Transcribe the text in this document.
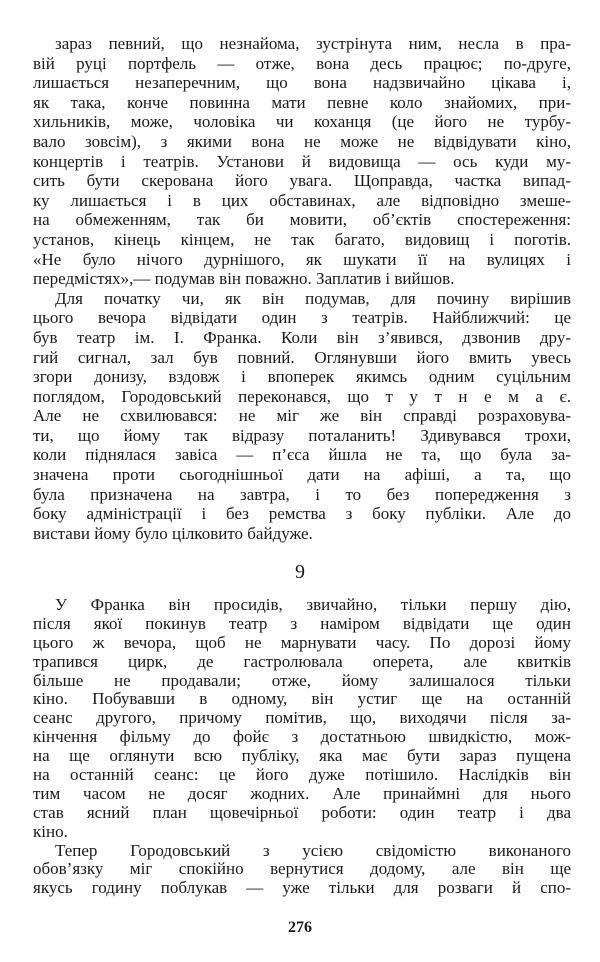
зараз певний, що незнайома, зустрінута ним, несла в пра-
вій руці портфель — отже, вона десь працює; по-друге,
лишається незаперечним, що вона надзвичайно цікава і,
як така, конче повинна мати певне коло знайомих, при-
хильників, може, чоловіка чи коханця (це його не турбу-
вало зовсім), з якими вона не може не відвідувати кіно,
концертів і театрів. Установи й видовища — ось куди му-
сить бути скерована його увага. Щоправда, частка випад-
ку лишається і в цих обставинах, але відповідно змеше-
на обмеженням, так би мовити, об’єктів спостереження:
установ, кінець кінцем, не так багато, видовищ і поготів.
«Не було нічого дурнішого, як шукати її на вулицях і
передмістях»,— подумав він поважно. Заплатив і вийшов.
Для початку чи, як він подумав, для почину вирішив
цього вечора відвідати один з театрів. Найближчий: це
був театр ім. І. Франка. Коли він з’явився, дзвонив дру-
гий сигнал, зал був повний. Оглянувши його вмить увесь
згори донизу, вздовж і впоперек якимсь одним суцільним
поглядом, Городовський переконався, що т у т н е м а є.
Але не схвилювався: не міг же він справді розраховува-
ти, що йому так відразу поталанить! Здивувався трохи,
коли піднялася завіса — п’єса йшла не та, що була за-
значена проти сьогоднішньої дати на афіші, а та, що
була призначена на завтра, і то без попередження з
боку адміністрації і без ремства з боку публіки. Але до
вистави йому було цілковито байдуже.
9
У Франка він просидів, звичайно, тільки першу дію,
після якої покинув театр з наміром відвідати ще один
цього ж вечора, щоб не марнувати часу. По дорозі йому
трапився цирк, де гастролювала оперета, але квитків
більше не продавали; отже, йому залишалося тільки
кіно. Побувавши в одному, він устиг ще на останній
сеанс другого, причому помітив, що, виходячи після за-
кінчення фільму до фойє з достатньою швидкістю, мож-
на ще оглянути всю публіку, яка має бути зараз пущена
на останній сеанс: це його дуже потішило. Наслідків він
тим часом не досяг жодних. Але принаймні для нього
став ясний план щовечірньої роботи: один театр і два
кіно.
Тепер Городовський з усією свідомістю виконаного
обов’язку міг спокійно вернутися додому, але він ще
якусь годину поблукав — уже тільки для розваги й спо-
276
